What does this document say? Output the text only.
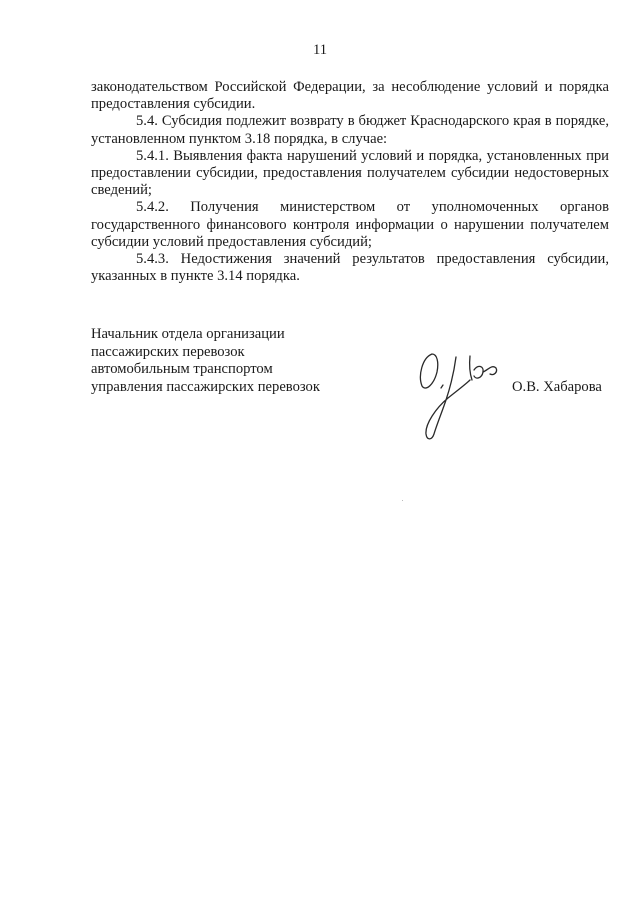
11

законодательством Российской Федерации, за несоблюдение условий и порядка предоставления субсидии.

5.4. Субсидия подлежит возврату в бюджет Краснодарского края в порядке, установленном пунктом 3.18 порядка, в случае:

5.4.1. Выявления факта нарушений условий и порядка, установленных при предоставлении субсидии, предоставления получателем субсидии недостоверных сведений;

5.4.2. Получения министерством от уполномоченных органов государственного финансового контроля информации о нарушении получателем субсидии условий предоставления субсидий;

5.4.3. Недостижения значений результатов предоставления субсидии, указанных в пункте 3.14 порядка.

Начальник отдела организации
пассажирских перевозок
автомобильным транспортом
управления пассажирских перевозок	О.В. Хабарова
